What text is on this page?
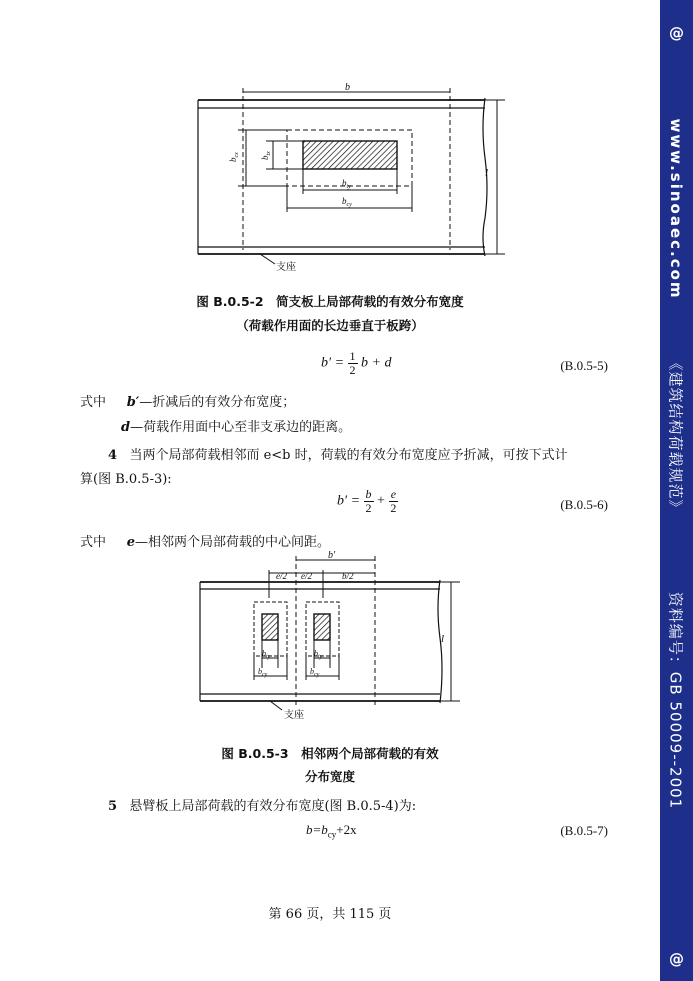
b
l
$b_{cx}$
$b_{tx}$
$b_{ty}$
$b_{cy}$
支座
图 B.0.5-2　简支板上局部荷载的有效分布宽度
（荷载作用面的长边垂直于板跨）
$b' = \frac{1}{2}$ b + d	(B.0.5-5)
式中 b′—折减后的有效分布宽度；
d—荷载作用面中心至非支承边的距离。
4 当两个局部荷载相邻而 e<b 时，荷载的有效分布宽度应予折减，可按下式计
算(图 B.0.5-3):
$b' = \frac{b}{2} + \frac{e}{2}$	(B.0.5-6)
式中 e—相邻两个局部荷载的中心间距。
b′
e/2 e/2	b/2
l
$b_{ty}$	$b_{ty}$
$b_{cy}$	$b_{cy}$
支座
图 B.0.5-3　相邻两个局部荷载的有效
分布宽度
5 悬臂板上局部荷载的有效分布宽度(图 B.0.5-4)为:
$b=b_{cy}+2x$	(B.0.5-7)
第 66 页，共 115 页
@
www.sinoaec.com
《建筑结构荷载规范》
资料编号：GB 50009--2001
@
